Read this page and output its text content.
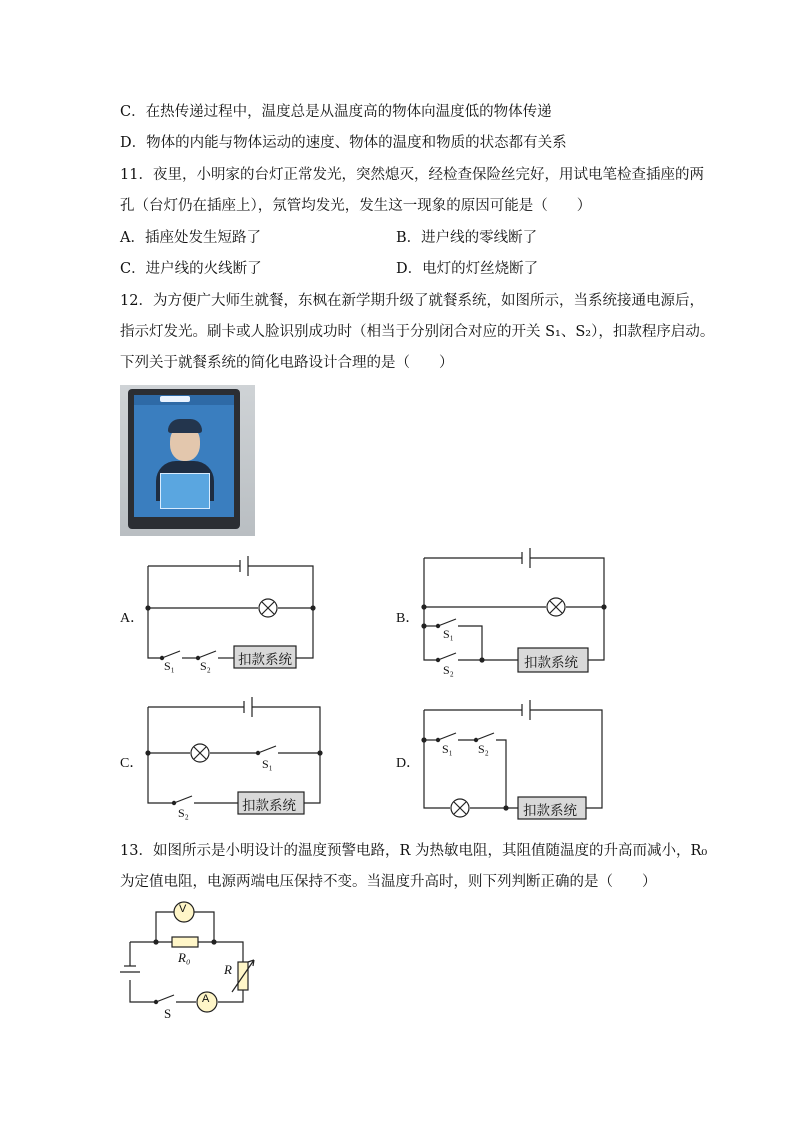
C．在热传递过程中，温度总是从温度高的物体向温度低的物体传递
D．物体的内能与物体运动的速度、物体的温度和物质的状态都有关系
11．夜里，小明家的台灯正常发光，突然熄灭，经检查保险丝完好，用试电笔检查插座的两
孔（台灯仍在插座上），氖管均发光，发生这一现象的原因可能是（　　）
A．插座处发生短路了	B．进户线的零线断了
C．进户线的火线断了	D．电灯的灯丝烧断了
12．为方便广大师生就餐，东枫在新学期升级了就餐系统，如图所示，当系统接通电源后，
指示灯发光。刷卡或人脸识别成功时（相当于分别闭合对应的开关 S₁、S₂），扣款程序启动。
下列关于就餐系统的简化电路设计合理的是（　　）
A．
S₁ S₂ 扣款系统
B．
S₁
S₂	扣款系统
C．	S₁
S₂	扣款系统
D．
S₁ S₂
扣款系统
13．如图所示是小明设计的温度预警电路，R 为热敏电阻，其阻值随温度的升高而减小，R₀
为定值电阻，电源两端电压保持不变。当温度升高时，则下列判断正确的是（　　）
V
A
R₀
R
S
